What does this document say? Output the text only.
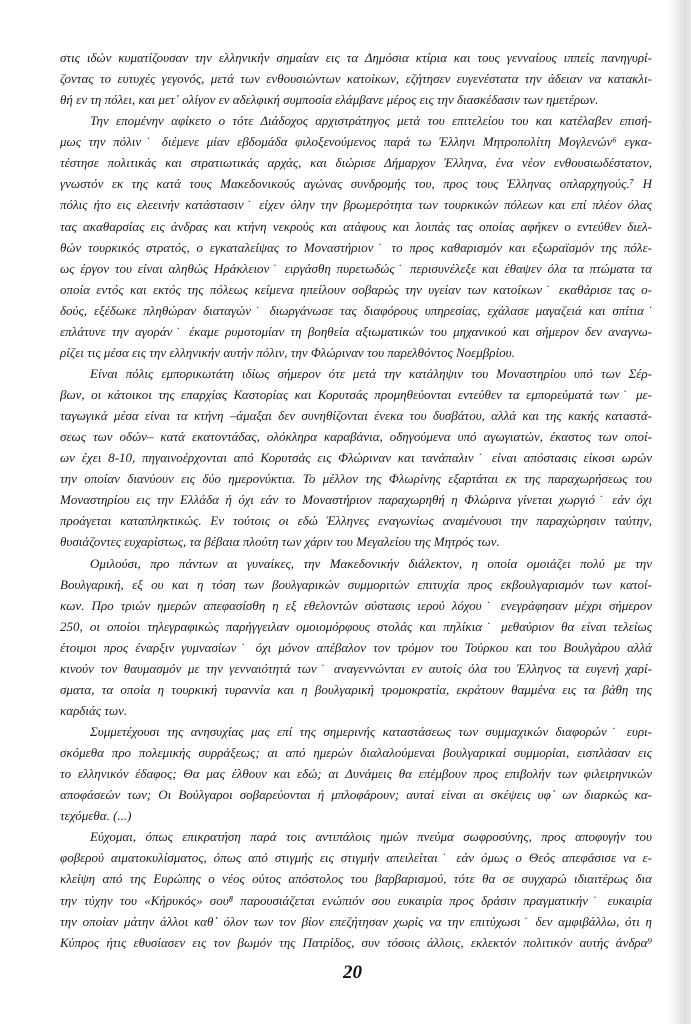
στις ιδών κυματίζουσαν την ελληνικήν σημαίαν εις τα Δημόσια κτίρια και τους γενναίους ιππείς πανηγυρί-
ζοντας το ευτυχές γεγονός, μετά των ενθουσιώντων κατοίκων, εζήτησεν ευγενέστατα την άδειαν να κατακλι-
θή εν τη πόλει, και μετ᾽ ολίγον εν αδελφική συμποσία ελάμβανε μέρος εις την διασκέδασιν των ημετέρων.
Την επομένην αφίκετο ο τότε Διάδοχος αρχιστράτηγος μετά του επιτελείου του και κατέλαβεν επισή-
μως την πόλιν˙ διέμενε μίαν εβδομάδα φιλοξενούμενος παρά τω Έλληνι Μητροπολίτη Μογλενών⁶ εγκα-
τέστησε πολιτικάς και στρατιωτικάς αρχάς, και διώρισε Δήμαρχον Έλληνα, ένα νέον ενθουσιωδέστατον,
γνωστόν εκ της κατά τους Μακεδονικούς αγώνας συνδρομής του, προς τους Έλληνας οπλαρχηγούς.⁷ Η
πόλις ήτο εις ελεεινήν κατάστασιν˙ είχεν όλην την βρωμερότητα των τουρκικών πόλεων και επί πλέον όλας
τας ακαθαρσίας εις άνδρας και κτήνη νεκρούς και ατάφους και λοιπάς τας οποίας αφήκεν ο εντεύθεν διελ-
θών τουρκικός στρατός, ο εγκαταλείψας το Μοναστήριον˙ το προς καθαρισμόν και εξωραϊσμόν της πόλε-
ως έργον του είναι αληθώς Ηράκλειον˙ ειργάσθη πυρετωδώς˙ περισυνέλεξε και έθαψεν όλα τα πτώματα τα
οποία εντός και εκτός της πόλεως κείμενα ηπείλουν σοβαρώς την υγείαν των κατοίκων˙ εκαθάρισε τας ο-
δούς, εξέδωκε πληθώραν διαταγών˙ διωργάνωσε τας διαφόρους υπηρεσίας, εχάλασε μαγαζειά και σπίτια˙
επλάτυνε την αγοράν˙ έκαμε ρυμοτομίαν τη βοηθεία αξιωματικών του μηχανικού και σήμερον δεν αναγνω-
ρίζει τις μέσα εις την ελληνικήν αυτήν πόλιν, την Φλώριναν του παρελθόντος Νοεμβρίου.
Είναι πόλις εμπορικωτάτη ιδίως σήμερον ότε μετά την κατάληψιν του Μοναστηρίου υπό των Σέρ-
βων, οι κάτοικοι της επαρχίας Καστορίας και Κορυτσάς προμηθεύονται εντεύθεν τα εμπορεύματά των˙ με-
ταγωγικά μέσα είναι τα κτήνη –άμαξαι δεν συνηθίζονται ένεκα του δυσβάτου, αλλά και της κακής καταστά-
σεως των οδών– κατά εκατοντάδας, ολόκληρα καραβάνια, οδηγούμενα υπό αγωγιατών, έκαστος των οποί-
ων έχει 8-10, πηγαινοέρχονται από Κορυτσάς εις Φλώριναν και τανάπαλιν˙ είναι απόστασις είκοσι ωρών
την οποίαν διανύουν εις δύο ημερονύκτια. Το μέλλον της Φλωρίνης εξαρτάται εκ της παραχωρήσεως του
Μοναστηρίου εις την Ελλάδα ή όχι εάν το Μοναστήριον παραχωρηθή η Φλώρινα γίνεται χωργιό˙ εάν όχι
προάγεται καταπληκτικώς. Εν τούτοις οι εδώ Έλληνες εναγωνίως αναμένουσι την παραχώρησιν ταύτην,
θυσιάζοντες ευχαρίστως, τα βέβαια πλούτη των χάριν του Μεγαλείου της Μητρός των.
Ομιλούσι, προ πάντων αι γυναίκες, την Μακεδονικήν διάλεκτον, η οποία ομοιάζει πολύ με την
Βουλγαρική, εξ ου και η τόση των βουλγαρικών συμμοριτών επιτυχία προς εκβουλγαρισμόν των κατοί-
κων. Προ τριών ημερών απεφασίσθη η εξ εθελοντών σύστασις ιερού λόχου˙ ενεγράφησαν μέχρι σήμερον
250, οι οποίοι τηλεγραφικώς παρήγγειλαν ομοιομόρφους στολάς και πηλίκια˙ μεθαύριον θα είναι τελείως
έτοιμοι προς έναρξιν γυμνασίων˙ όχι μόνον απέβαλον τον τρόμον του Τούρκου και του Βουλγάρου αλλά
κινούν τον θαυμασμόν με την γενναιότητά των˙ αναγεννώνται εν αυτοίς όλα του Έλληνος τα ευγενή χαρί-
σματα, τα οποία η τουρκική τυραννία και η βουλγαρική τρομοκρατία, εκράτουν θαμμένα εις τα βάθη της
καρδιάς των.
Συμμετέχουσι της ανησυχίας μας επί της σημερινής καταστάσεως των συμμαχικών διαφορών˙ ευρι-
σκόμεθα προ πολεμικής συρράξεως; αι από ημερών διαλαλούμεναι βουλγαρικαί συμμορίαι, εισπλάσαν εις
το ελληνικόν έδαφος; Θα μας έλθουν και εδώ; αι Δυνάμεις θα επέμβουν προς επιβολήν των φιλειρηνικών
αποφάσεών των; Οι Βούλγαροι σοβαρεύονται ή μπλοφάρουν; αυταί είναι αι σκέψεις υφ᾽ ων διαρκώς κα-
τεχόμεθα. (...)
Εύχομαι, όπως επικρατήση παρά τοις αντιπάλοις ημών πνεύμα σωφροσύνης, προς αποφυγήν του
φοβερού αιματοκυλίσματος, όπως από στιγμής εις στιγμήν απειλείται˙ εάν όμως ο Θεός απεφάσισε να ε-
κλείψη από της Ευρώπης ο νέος ούτος απόστολος του βαρβαρισμού, τότε θα σε συγχαρώ ιδιαιτέρως δια
την τύχην του «Κήρυκός» σου⁸ παρουσιάζεται ενώπιόν σου ευκαιρία προς δράσιν πραγματικήν˙ ευκαιρία
την οποίαν μάτην άλλοι καθ᾽ όλον των τον βίον επεζήτησαν χωρίς να την επιτύχωσι˙ δεν αμφιβάλλω, ότι η
Κύπρος ήτις εθυσίασεν εις τον βωμόν της Πατρίδος, συν τόσοις άλλοις, εκλεκτόν πολιτικόν αυτής άνδρα⁹
20
